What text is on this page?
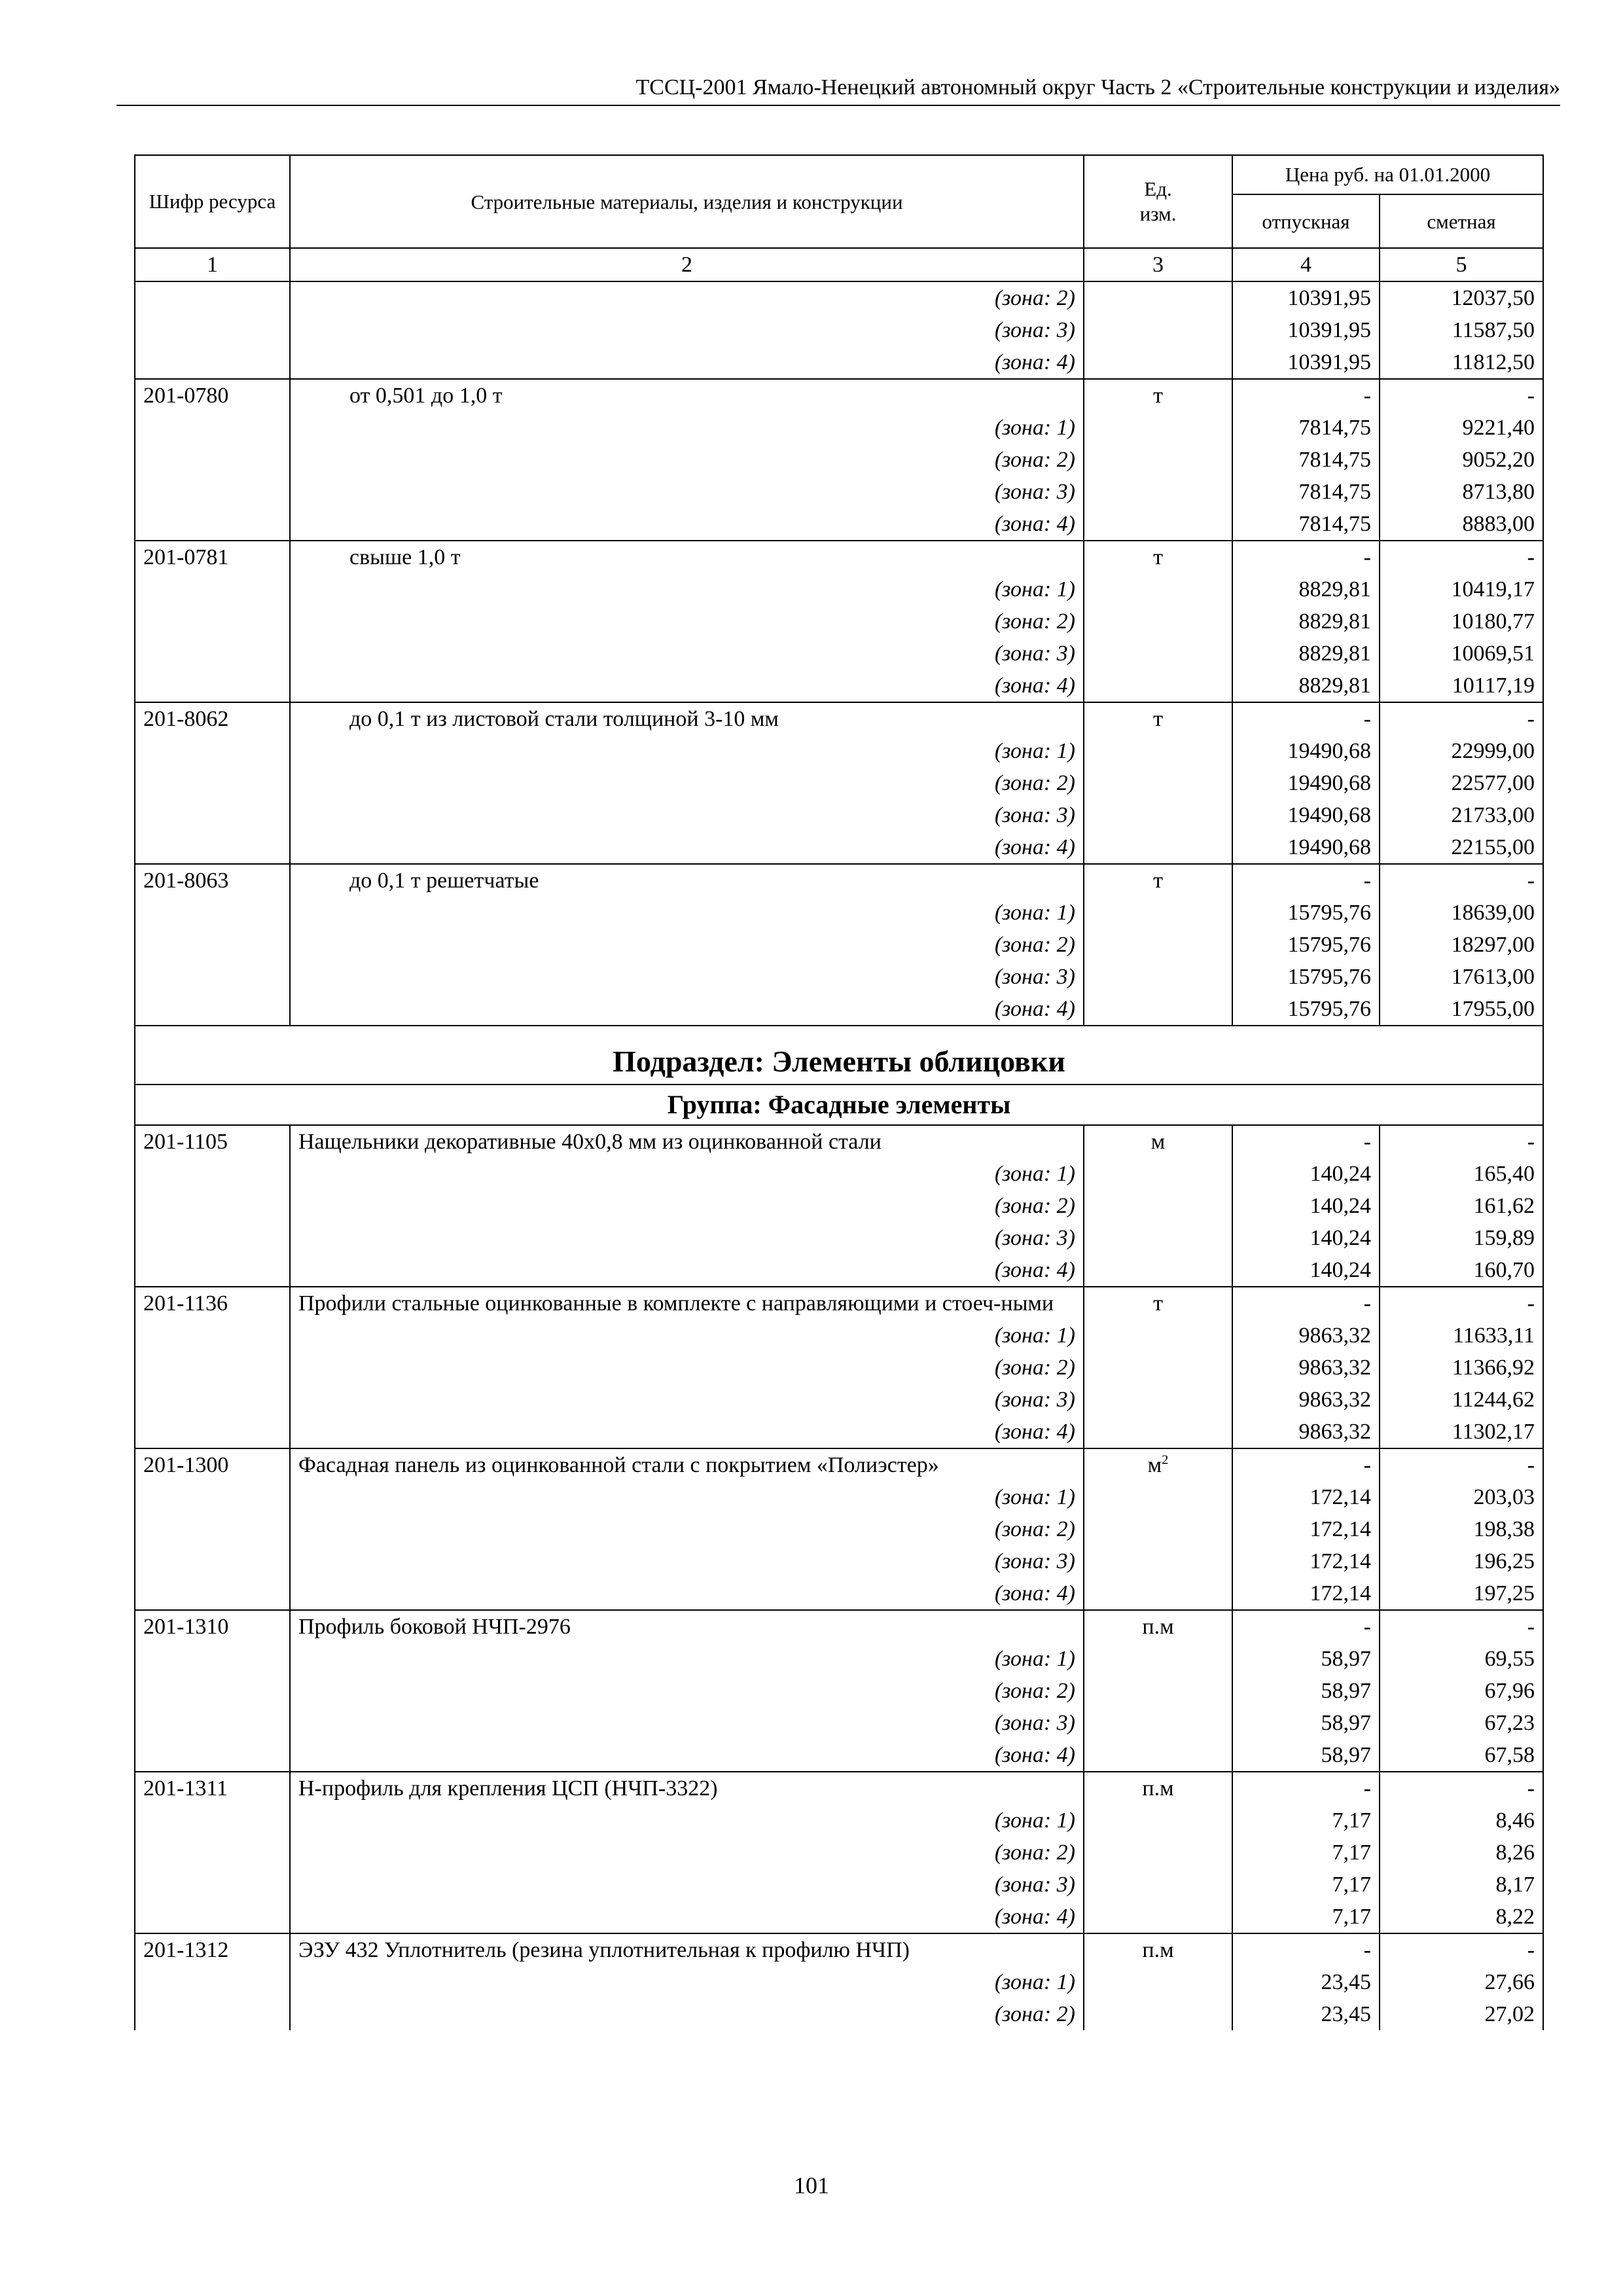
ТССЦ-2001 Ямало-Ненецкий автономный округ Часть 2 «Строительные конструкции и изделия»
Шифр ресурса	Строительные материалы, изделия и конструкции	Ед. изм.	Цена руб. на 01.01.2000	
			отпускная	сметная
1	2	3	4	5
	(зона: 2)		10391,95	12037,50
	(зона: 3)		10391,95	11587,50
	(зона: 4)		10391,95	11812,50
201-0780	от 0,501 до 1,0 т	т	-	-
	(зона: 1)		7814,75	9221,40
	(зона: 2)		7814,75	9052,20
	(зона: 3)		7814,75	8713,80
	(зона: 4)		7814,75	8883,00
201-0781	свыше 1,0 т	т	-	-
	(зона: 1)		8829,81	10419,17
	(зона: 2)		8829,81	10180,77
	(зона: 3)		8829,81	10069,51
	(зона: 4)		8829,81	10117,19
201-8062	до 0,1 т из листовой стали толщиной 3-10 мм	т	-	-
	(зона: 1)		19490,68	22999,00
	(зона: 2)		19490,68	22577,00
	(зона: 3)		19490,68	21733,00
	(зона: 4)		19490,68	22155,00
201-8063	до 0,1 т решетчатые	т	-	-
	(зона: 1)		15795,76	18639,00
	(зона: 2)		15795,76	18297,00
	(зона: 3)		15795,76	17613,00
	(зона: 4)		15795,76	17955,00
Подраздел: Элементы облицовки				
Группа: Фасадные элементы				
201-1105	Нащельники декоративные 40х0,8 мм из оцинкованной стали	м	-	-
	(зона: 1)		140,24	165,40
	(зона: 2)		140,24	161,62
	(зона: 3)		140,24	159,89
	(зона: 4)		140,24	160,70
201-1136	Профили стальные оцинкованные в комплекте с направляющими и стоеч-ными	т	-	-
	(зона: 1)		9863,32	11633,11
	(зона: 2)		9863,32	11366,92
	(зона: 3)		9863,32	11244,62
	(зона: 4)		9863,32	11302,17
201-1300	Фасадная панель из оцинкованной стали с покрытием «Полиэстер»	$м^2$	-	-
	(зона: 1)		172,14	203,03
	(зона: 2)		172,14	198,38
	(зона: 3)		172,14	196,25
	(зона: 4)		172,14	197,25
201-1310	Профиль боковой НЧП-2976	п.м	-	-
	(зона: 1)		58,97	69,55
	(зона: 2)		58,97	67,96
	(зона: 3)		58,97	67,23
	(зона: 4)		58,97	67,58
201-1311	Н-профиль для крепления ЦСП (НЧП-3322)	п.м	-	-
	(зона: 1)		7,17	8,46
	(зона: 2)		7,17	8,26
	(зона: 3)		7,17	8,17
	(зона: 4)		7,17	8,22
201-1312	ЭЗУ 432 Уплотнитель (резина уплотнительная к профилю НЧП)	п.м	-	-
	(зона: 1)		23,45	27,66
	(зона: 2)		23,45	27,02
101
